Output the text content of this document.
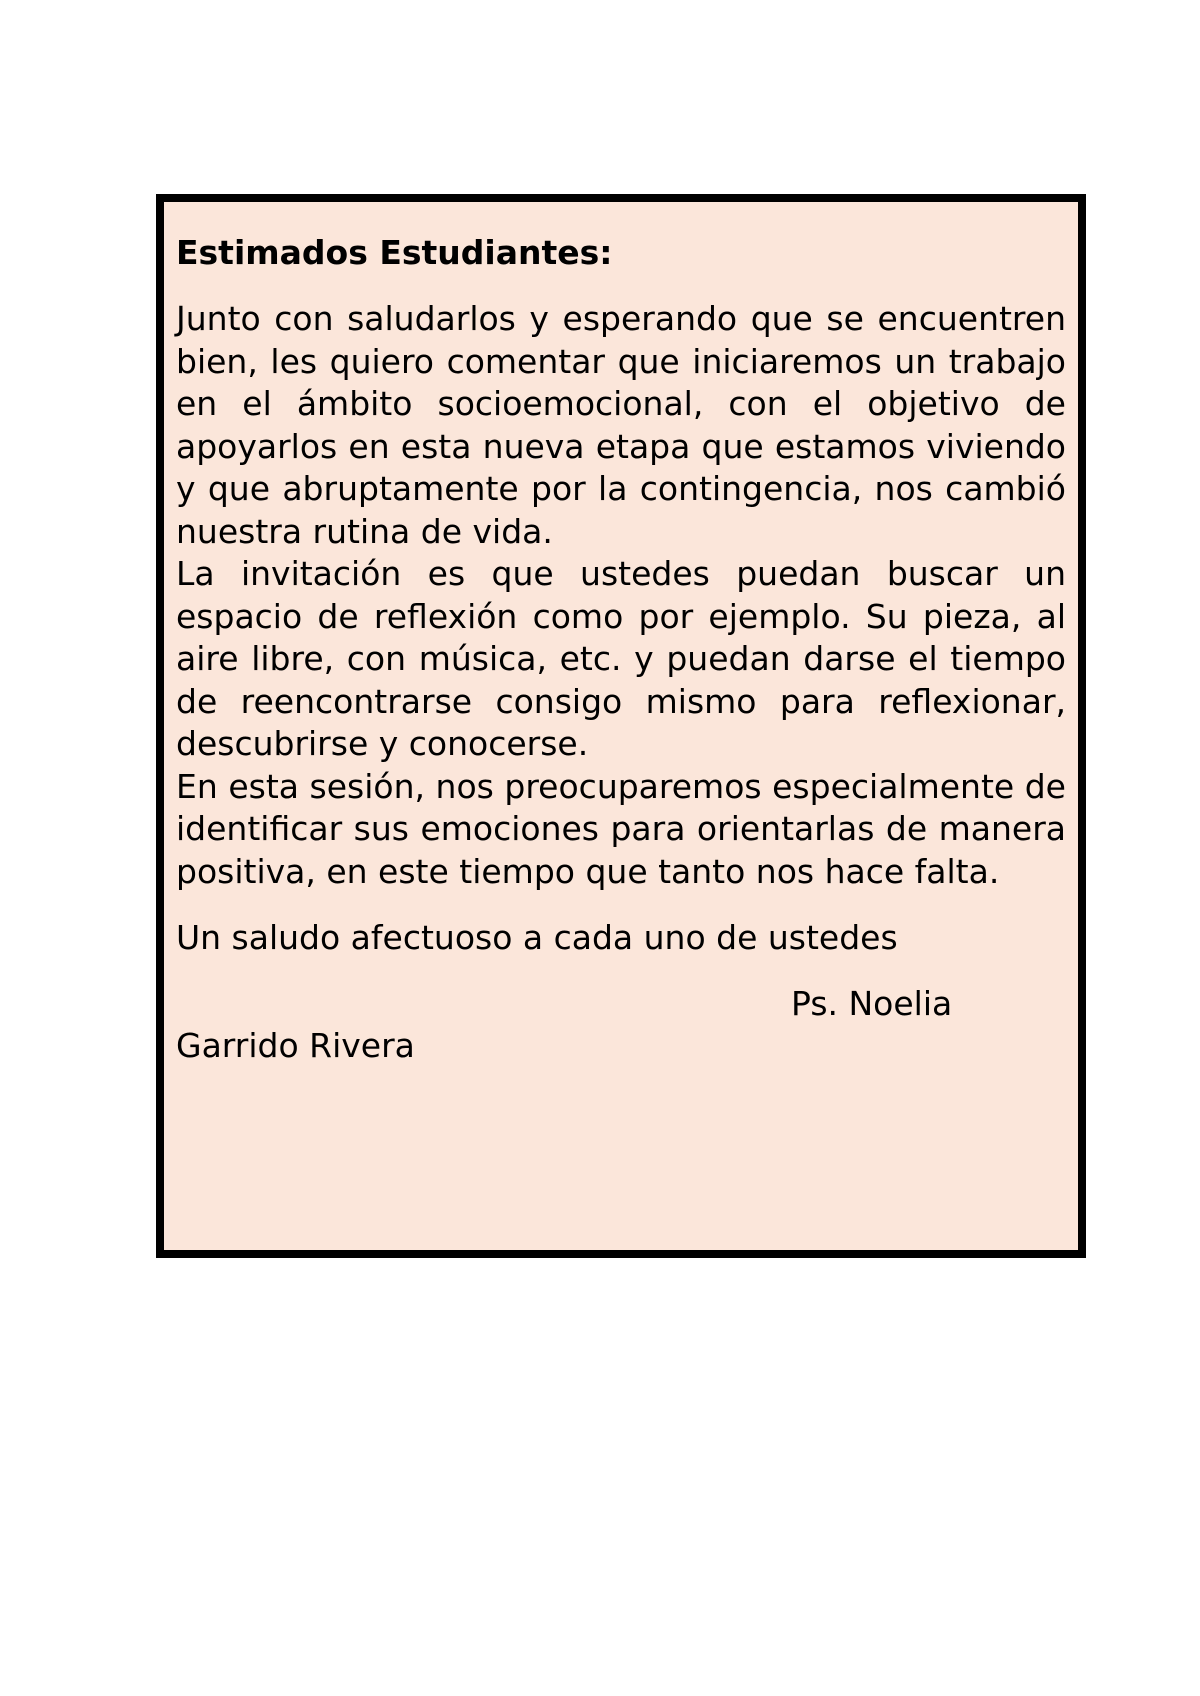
Estimados Estudiantes:

Junto con saludarlos y esperando que se encuentren bien, les quiero comentar que iniciaremos un trabajo en el ámbito socioemocional, con el objetivo de apoyarlos en esta nueva etapa que estamos viviendo y que abruptamente por la contingencia, nos cambió nuestra rutina de vida.

La invitación es que ustedes puedan buscar un espacio de reflexión como por ejemplo. Su pieza, al aire libre, con música, etc. y puedan darse el tiempo de reencontrarse consigo mismo para reflexionar, descubrirse y conocerse.

En esta sesión, nos preocuparemos especialmente de identificar sus emociones para orientarlas de manera positiva, en este tiempo que tanto nos hace falta.

Un saludo afectuoso a cada uno de ustedes

Ps. Noelia
Garrido Rivera
